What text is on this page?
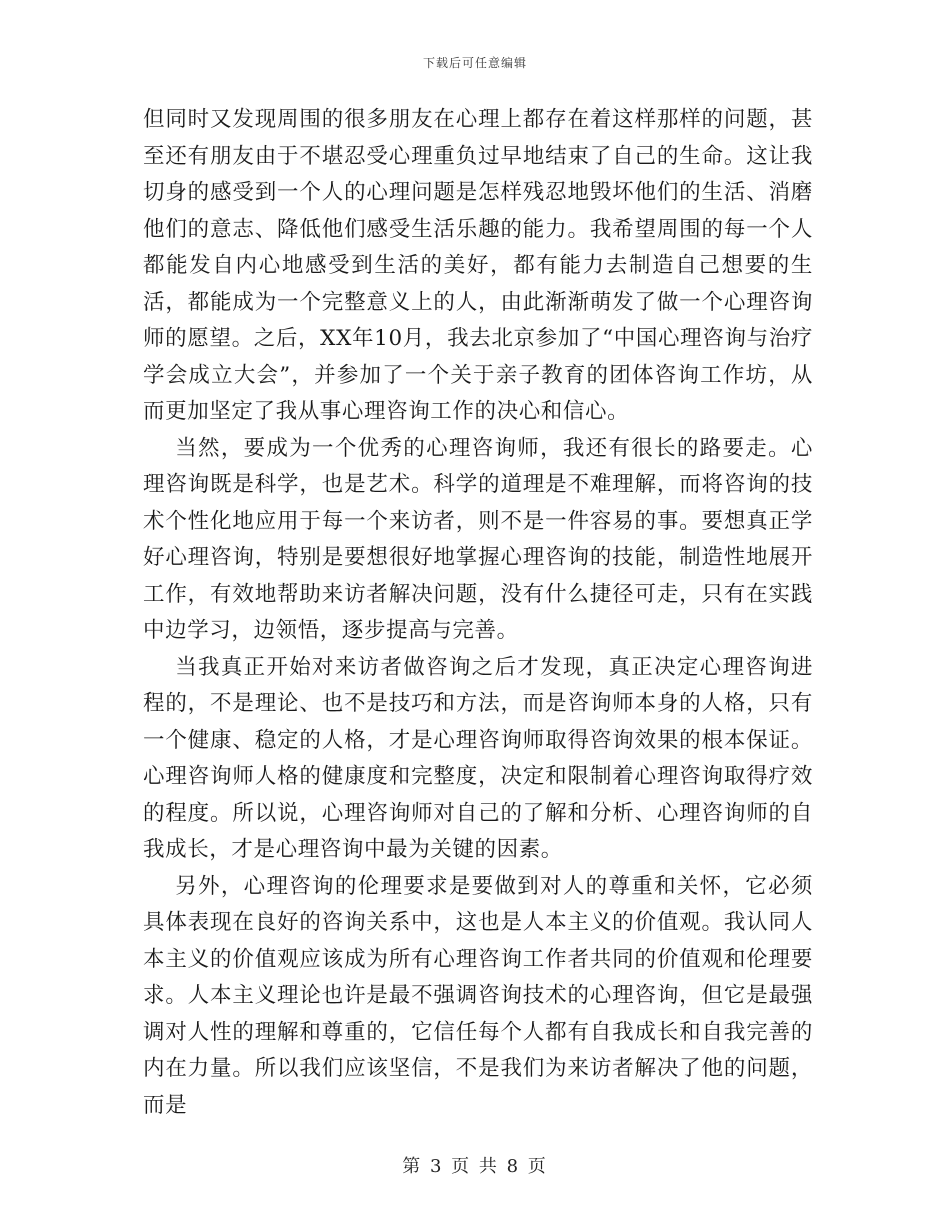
下载后可任意编辑

但同时又发现周围的很多朋友在心理上都存在着这样那样的问题，甚至还有朋友由于不堪忍受心理重负过早地结束了自己的生命。这让我切身的感受到一个人的心理问题是怎样残忍地毁坏他们的生活、消磨他们的意志、降低他们感受生活乐趣的能力。我希望周围的每一个人都能发自内心地感受到生活的美好，都有能力去制造自己想要的生活，都能成为一个完整意义上的人，由此渐渐萌发了做一个心理咨询师的愿望。之后，XX年10月，我去北京参加了“中国心理咨询与治疗学会成立大会”，并参加了一个关于亲子教育的团体咨询工作坊，从而更加坚定了我从事心理咨询工作的决心和信心。

当然，要成为一个优秀的心理咨询师，我还有很长的路要走。心理咨询既是科学，也是艺术。科学的道理是不难理解，而将咨询的技术个性化地应用于每一个来访者，则不是一件容易的事。要想真正学好心理咨询，特别是要想很好地掌握心理咨询的技能，制造性地展开工作，有效地帮助来访者解决问题，没有什么捷径可走，只有在实践中边学习，边领悟，逐步提高与完善。

当我真正开始对来访者做咨询之后才发现，真正决定心理咨询进程的，不是理论、也不是技巧和方法，而是咨询师本身的人格，只有一个健康、稳定的人格，才是心理咨询师取得咨询效果的根本保证。心理咨询师人格的健康度和完整度，决定和限制着心理咨询取得疗效的程度。所以说，心理咨询师对自己的了解和分析、心理咨询师的自我成长，才是心理咨询中最为关键的因素。

另外，心理咨询的伦理要求是要做到对人的尊重和关怀，它必须具体表现在良好的咨询关系中，这也是人本主义的价值观。我认同人本主义的价值观应该成为所有心理咨询工作者共同的价值观和伦理要求。人本主义理论也许是最不强调咨询技术的心理咨询，但它是最强调对人性的理解和尊重的，它信任每个人都有自我成长和自我完善的内在力量。所以我们应该坚信，不是我们为来访者解决了他的问题，而是

第 3 页 共 8 页
